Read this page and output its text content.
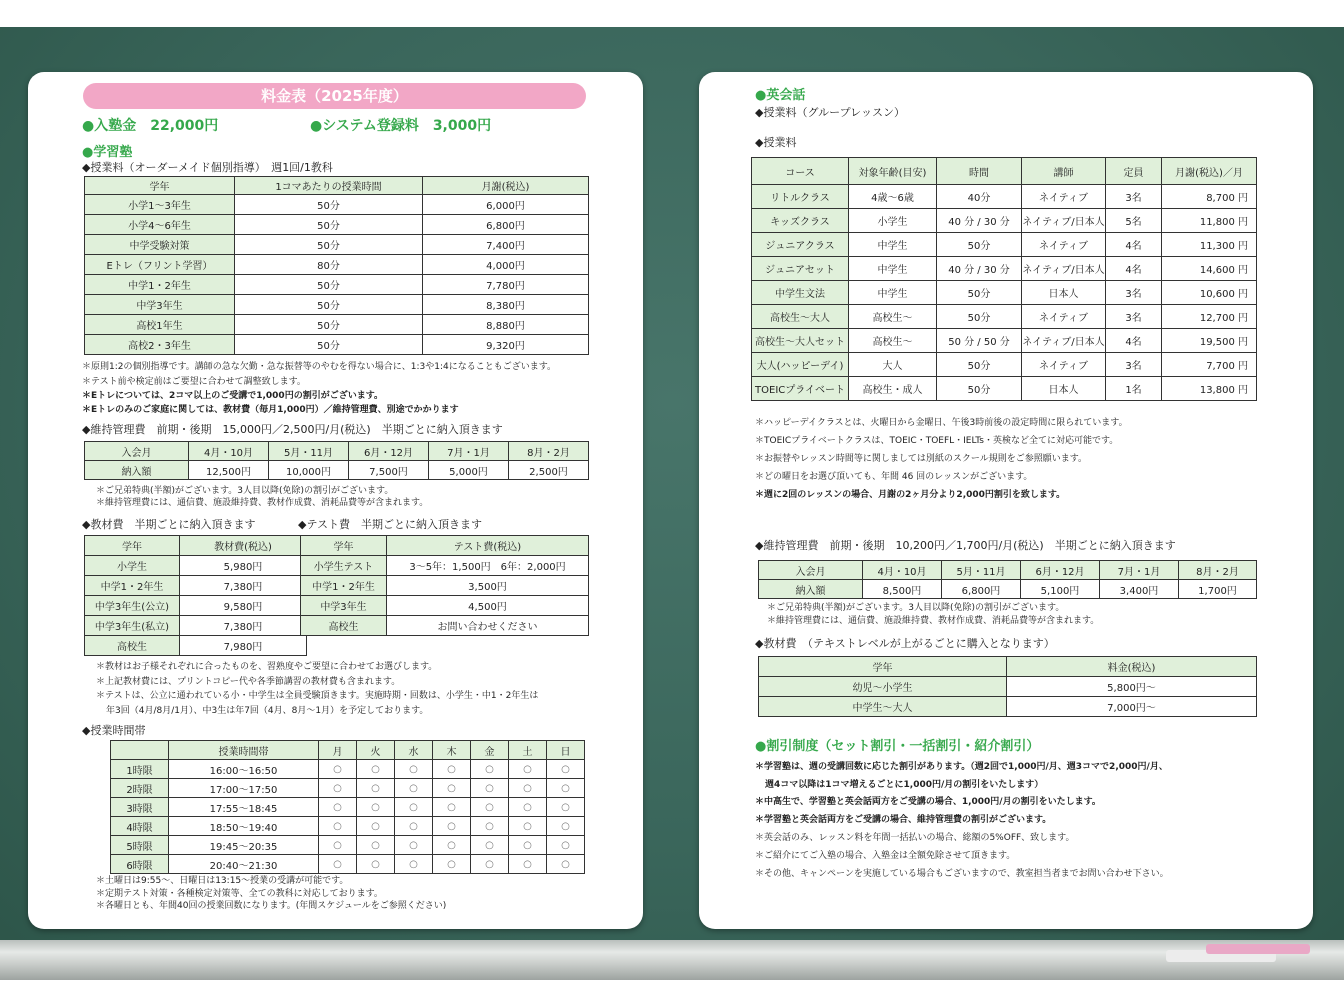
料金表（2025年度）
●入塾金　22,000円	●システム登録料　3,000円
●学習塾
◆授業料（オーダーメイド個別指導）　週1回/1教科
学年	1コマあたりの授業時間	月謝(税込)
小学1～3年生	50分	6,000円
小学4～6年生	50分	6,800円
中学受験対策	50分	7,400円
Eトレ（フリント学習）	80分	4,000円
中学1・2年生	50分	7,780円
中学3年生	50分	8,380円
高校1年生	50分	8,880円
高校2・3年生	50分	9,320円
＊原則1:2の個別指導です。講師の急な欠勤・急な振替等のやむを得ない場合に、1:3や1:4になることもございます。
＊テスト前や検定前はご要望に合わせて調整致します。
＊Eトレについては、2コマ以上のご受講で1,000円の割引がございます。
＊Eトレのみのご家庭に関しては、教材費（毎月1,000円）／維持管理費、別途でかかります
◆維持管理費　前期・後期　15,000円／2,500円/月(税込)　半期ごとに納入頂きます
入会月	4月・10月	5月・11月	6月・12月	7月・1月	8月・2月
納入額	12,500円	10,000円	7,500円	5,000円	2,500円
＊ご兄弟特典(半額)がございます。3人目以降(免除)の割引がございます。
＊維持管理費には、通信費、施設維持費、教材作成費、消耗品費等が含まれます。
◆教材費　半期ごとに納入頂きます	◆テスト費　半期ごとに納入頂きます
学年	教材費(税込)
小学生	5,980円
中学1・2年生	7,380円
中学3年生(公立)	9,580円
中学3年生(私立)	7,380円
高校生	7,980円
学年	テスト費(税込)
小学生テスト	3～5年：1,500円　6年：2,000円
中学1・2年生	3,500円
中学3年生	4,500円
高校生	お問い合わせください
＊教材はお子様それぞれに合ったものを、習熟度やご要望に合わせてお選びします。
＊上記教材費には、プリントコピー代や各季節講習の教材費も含まれます。
＊テストは、公立に通われている小・中学生は全員受験頂きます。実施時期・回数は、小学生・中1・2年生は
年3回（4月/8月/1月）、中3生は年7回（4月、8月～1月）を予定しております。
◆授業時間帯
	授業時間帯	月	火	水	木	金	土	日
1時限	16:00～16:50	○	○	○	○	○	○	○
2時限	17:00～17:50	○	○	○	○	○	○	○
3時限	17:55～18:45	○	○	○	○	○	○	○
4時限	18:50～19:40	○	○	○	○	○	○	○
5時限	19:45～20:35	○	○	○	○	○	○	○
6時限	20:40～21:30	○	○	○	○	○	○	○
＊土曜日は9:55～、日曜日は13:15～授業の受講が可能です。
＊定期テスト対策・各種検定対策等、全ての教科に対応しております。
＊各曜日とも、年間40回の授業回数になります。(年間スケジュールをご参照ください)
●英会話
◆授業料（グループレッスン）
◆授業料
コース	対象年齢(目安)	時間	講師	定員	月謝(税込)／月
リトルクラス	4歳～6歳	40分	ネイティブ	3名	8,700 円
キッズクラス	小学生	40 分 / 30 分	ネイティブ/日本人	5名	11,800 円
ジュニアクラス	中学生	50分	ネイティブ	4名	11,300 円
ジュニアセット	中学生	40 分 / 30 分	ネイティブ/日本人	4名	14,600 円
中学生文法	中学生	50分	日本人	3名	10,600 円
高校生～大人	高校生～	50分	ネイティブ	3名	12,700 円
高校生～大人セット	高校生～	50 分 / 50 分	ネイティブ/日本人	4名	19,500 円
大人(ハッピーデイ)	大人	50分	ネイティブ	3名	7,700 円
TOEICプライベート	高校生・成人	50分	日本人	1名	13,800 円
＊ハッピーデイクラスとは、火曜日から金曜日、午後3時前後の設定時間に限られています。
＊TOEICプライベートクラスは、TOEIC・TOEFL・IELTs・英検など全てに対応可能です。
＊お振替やレッスン時間等に関しましては別紙のスクール規則をご参照願います。
＊どの曜日をお選び頂いても、年間 46 回のレッスンがございます。
＊週に2回のレッスンの場合、月謝の2ヶ月分より2,000円割引を致します。
◆維持管理費　前期・後期　10,200円／1,700円/月(税込)　半期ごとに納入頂きます
入会月	4月・10月	5月・11月	6月・12月	7月・1月	8月・2月
納入額	8,500円	6,800円	5,100円	3,400円	1,700円
＊ご兄弟特典(半額)がございます。3人目以降(免除)の割引がございます。
＊維持管理費には、通信費、施設維持費、教材作成費、消耗品費等が含まれます。
◆教材費　（テキストレベルが上がるごとに購入となります）
学年	料金(税込)
幼児～小学生	5,800円～
中学生～大人	7,000円～
●割引制度（セット割引・一括割引・紹介割引）
＊学習塾は、週の受講回数に応じた割引があります。（週2回で1,000円/月、週3コマで2,000円/月、
週4コマ以降は1コマ増えるごとに1,000円/月の割引をいたします）
＊中高生で、学習塾と英会話両方をご受講の場合、1,000円/月の割引をいたします。
＊学習塾と英会話両方をご受講の場合、維持管理費の割引がございます。
＊英会話のみ、レッスン料を年間一括払いの場合、総額の5%OFF、致します。
＊ご紹介にてご入塾の場合、入塾金は全額免除させて頂きます。
＊その他、キャンペーンを実施している場合もございますので、教室担当者までお問い合わせ下さい。
